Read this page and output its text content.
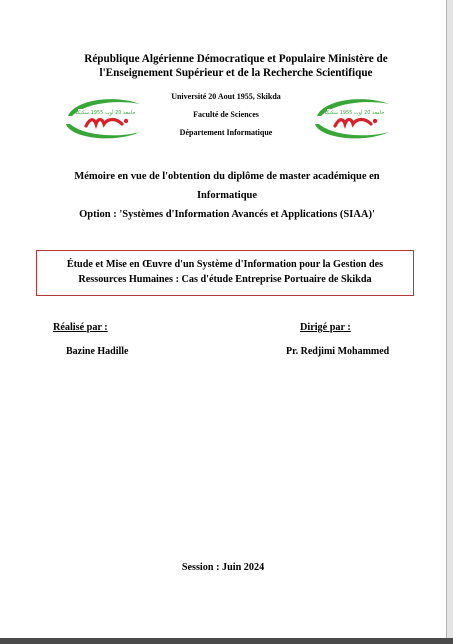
République Algérienne Démocratique et Populaire Ministère de
l'Enseignement Supérieur et de la Recherche Scientifique
جامعة 20 أوت 1955 سكيكدة
Université 20 Aout 1955, Skikda
Faculté de Sciences
Département Informatique
جامعة 20 أوت 1955 سكيكدة
Mémoire en vue de l'obtention du diplôme de master académique en
Informatique
Option : 'Systèmes d'Information Avancés et Applications (SIAA)'
Étude et Mise en Œuvre d'un Système d'Information pour la Gestion des
Ressources Humaines : Cas d'étude Entreprise Portuaire de Skikda
Réalisé par :	Dirigé par :
Bazine Hadille	Pr. Redjimi Mohammed
Session : Juin 2024
